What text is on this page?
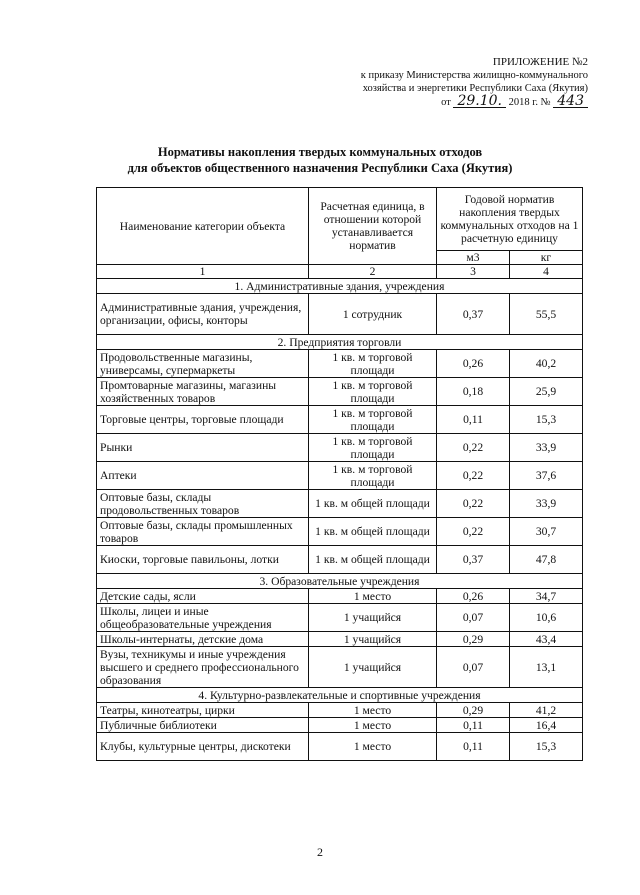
ПРИЛОЖЕНИЕ №2
к приказу Министерства жилищно-коммунального
хозяйства и энергетики Республики Саха (Якутия)
от 29.10. 2018 г. № 443
Нормативы накопления твердых коммунальных отходов
для объектов общественного назначения Республики Саха (Якутия)
Наименование категории объекта	Расчетная единица, в отношении которой устанавливается норматив	Годовой норматив накопления твердых коммунальных отходов на 1 расчетную единицу	
		м3	кг
1	2	3	4
1. Административные здания, учреждения			
Административные здания, учреждения, организации, офисы, конторы	1 сотрудник	0,37	55,5
2. Предприятия торговли			
Продовольственные магазины, универсамы, супермаркеты	1 кв. м торговой площади	0,26	40,2
Промтоварные магазины, магазины хозяйственных товаров	1 кв. м торговой площади	0,18	25,9
Торговые центры, торговые площади	1 кв. м торговой площади	0,11	15,3
Рынки	1 кв. м торговой площади	0,22	33,9
Аптеки	1 кв. м торговой площади	0,22	37,6
Оптовые базы, склады продовольственных товаров	1 кв. м общей площади	0,22	33,9
Оптовые базы, склады промышленных товаров	1 кв. м общей площади	0,22	30,7
Киоски, торговые павильоны, лотки	1 кв. м общей площади	0,37	47,8
3. Образовательные учреждения			
Детские сады, ясли	1 место	0,26	34,7
Школы, лицеи и иные общеобразовательные учреждения	1 учащийся	0,07	10,6
Школы-интернаты, детские дома	1 учащийся	0,29	43,4
Вузы, техникумы и иные учреждения высшего и среднего профессионального образования	1 учащийся	0,07	13,1
4. Культурно-развлекательные и спортивные учреждения			
Театры, кинотеатры, цирки	1 место	0,29	41,2
Публичные библиотеки	1 место	0,11	16,4
Клубы, культурные центры, дискотеки	1 место	0,11	15,3
2
